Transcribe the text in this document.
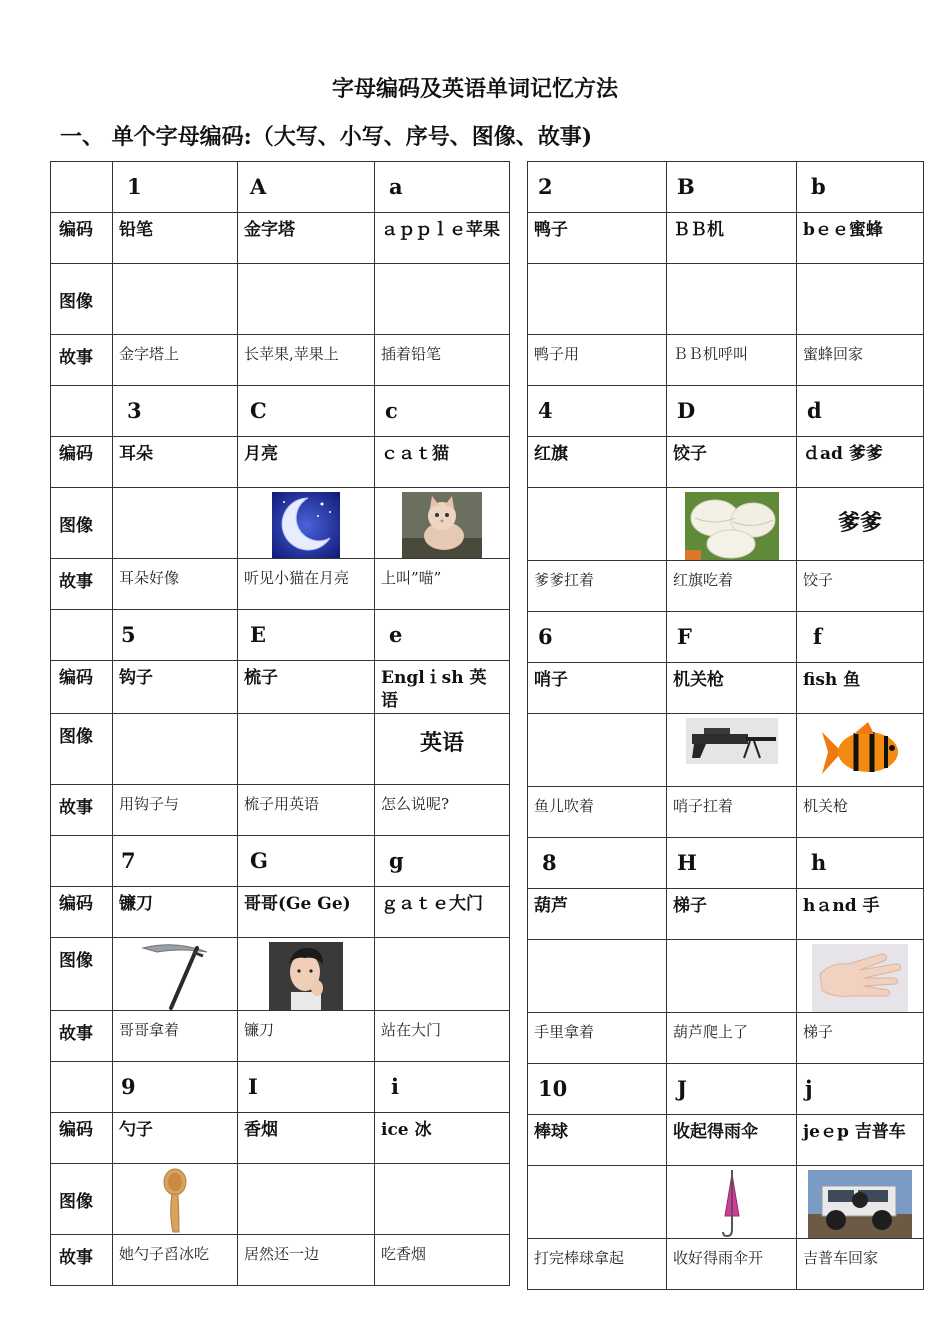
字母编码及英语单词记忆方法
一、 单个字母编码:（大写、小写、序号、图像、故事)
	1	A	a
编码	铅笔	金字塔	ａｐｐｌｅ苹果
图像			
故事	金字塔上	长苹果,苹果上	插着铅笔
	3	C	c
编码	耳朵	月亮	ｃａｔ猫
图像		

故事	耳朵好像	听见小猫在月亮	上叫”喵”
	5	E	e
编码	钩子	梳子	Englｉsh 英语
图像			英语

故事	用钩子与	梳子用英语	怎么说呢?
	7	G	g
编码	镰刀	哥哥(Ge Ge)	ｇａｔｅ大门
图像	

故事	哥哥拿着	镰刀	站在大门
	9	I	i
编码	勺子	香烟	ice 冰
图像	

故事	她勺子舀冰吃	居然还一边	吃香烟
2	B	b
鸭子	ＢＢ机	bｅｅ蜜蜂

鸭子用	ＢＢ机呼叫	蜜蜂回家
4	D	d
红旗	饺子	ｄad 爹爹

爹爹

爹爹扛着	红旗吃着	饺子
6	F	f
哨子	机关枪	fish 鱼

鱼儿吹着	哨子扛着	机关枪
8	H	h
葫芦	梯子	hａnd 手

手里拿着	葫芦爬上了	梯子
10	J	j
棒球	收起得雨伞	jeｅp 吉普车

打完棒球拿起	收好得雨伞开	吉普车回家
